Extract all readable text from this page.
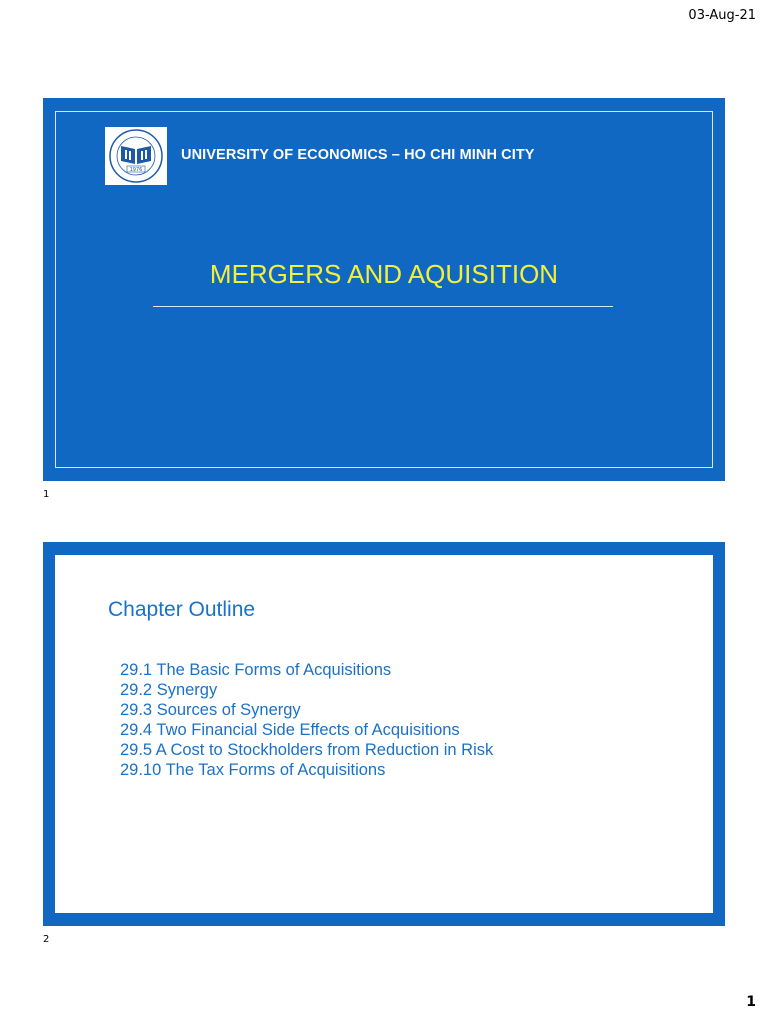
03-Aug-21
1976
UNIVERSITY OF ECONOMICS – HO CHI MINH CITY
MERGERS AND AQUISITION
1
Chapter Outline
29.1 The Basic Forms of Acquisitions
29.2 Synergy
29.3 Sources of Synergy
29.4 Two Financial Side Effects of Acquisitions
29.5 A Cost to Stockholders from Reduction in Risk
29.10 The Tax Forms of Acquisitions
2
1
